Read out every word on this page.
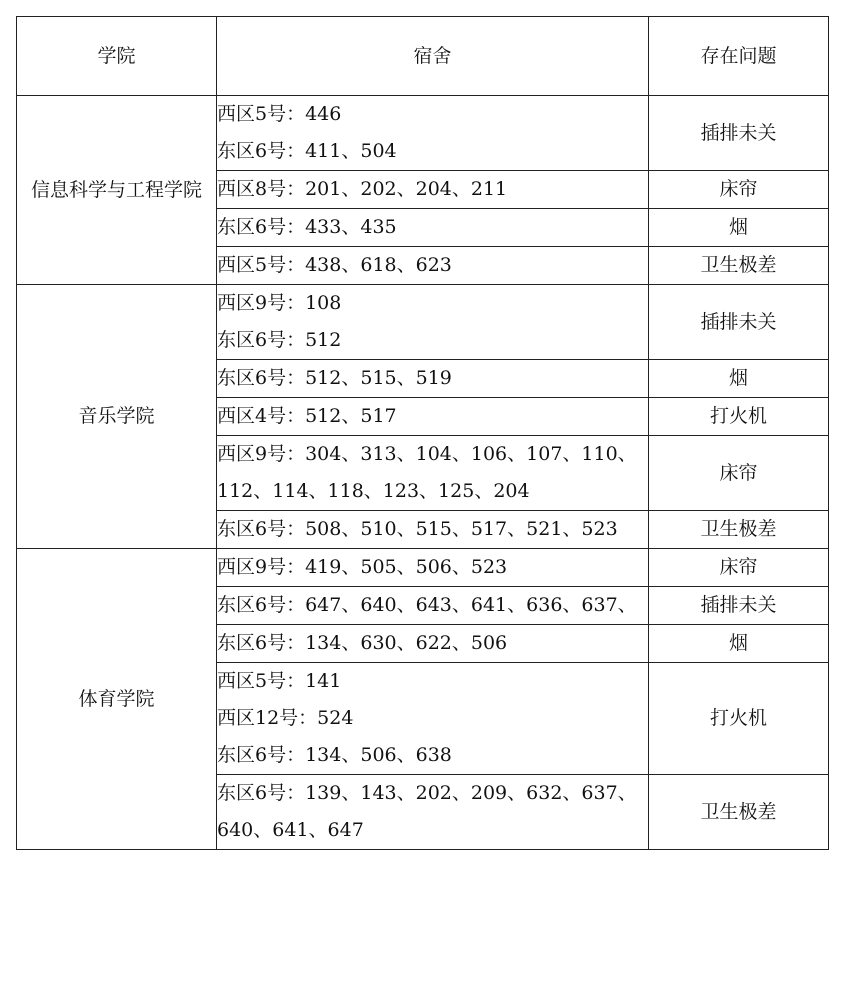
学院	宿舍	存在问题
信息科学与工程学院	西区5号：446
东区6号：411、504	插排未关

	西区8号：201、202、204、211	床帘

	东区6号：433、435	烟

	西区5号：438、618、623	卫生极差
音乐学院	西区9号：108
东区6号：512	插排未关

	东区6号：512、515、519	烟

	西区4号：512、517	打火机

	西区9号：304、313、104、106、107、110、
112、114、118、123、125、204	床帘

	东区6号：508、510、515、517、521、523	卫生极差
体育学院	西区9号：419、505、506、523	床帘

	东区6号：647、640、643、641、636、637、	插排未关

	东区6号：134、630、622、506	烟

	西区5号：141
西区12号：524
东区6号：134、506、638	打火机

	东区6号：139、143、202、209、632、637、
640、641、647	卫生极差
